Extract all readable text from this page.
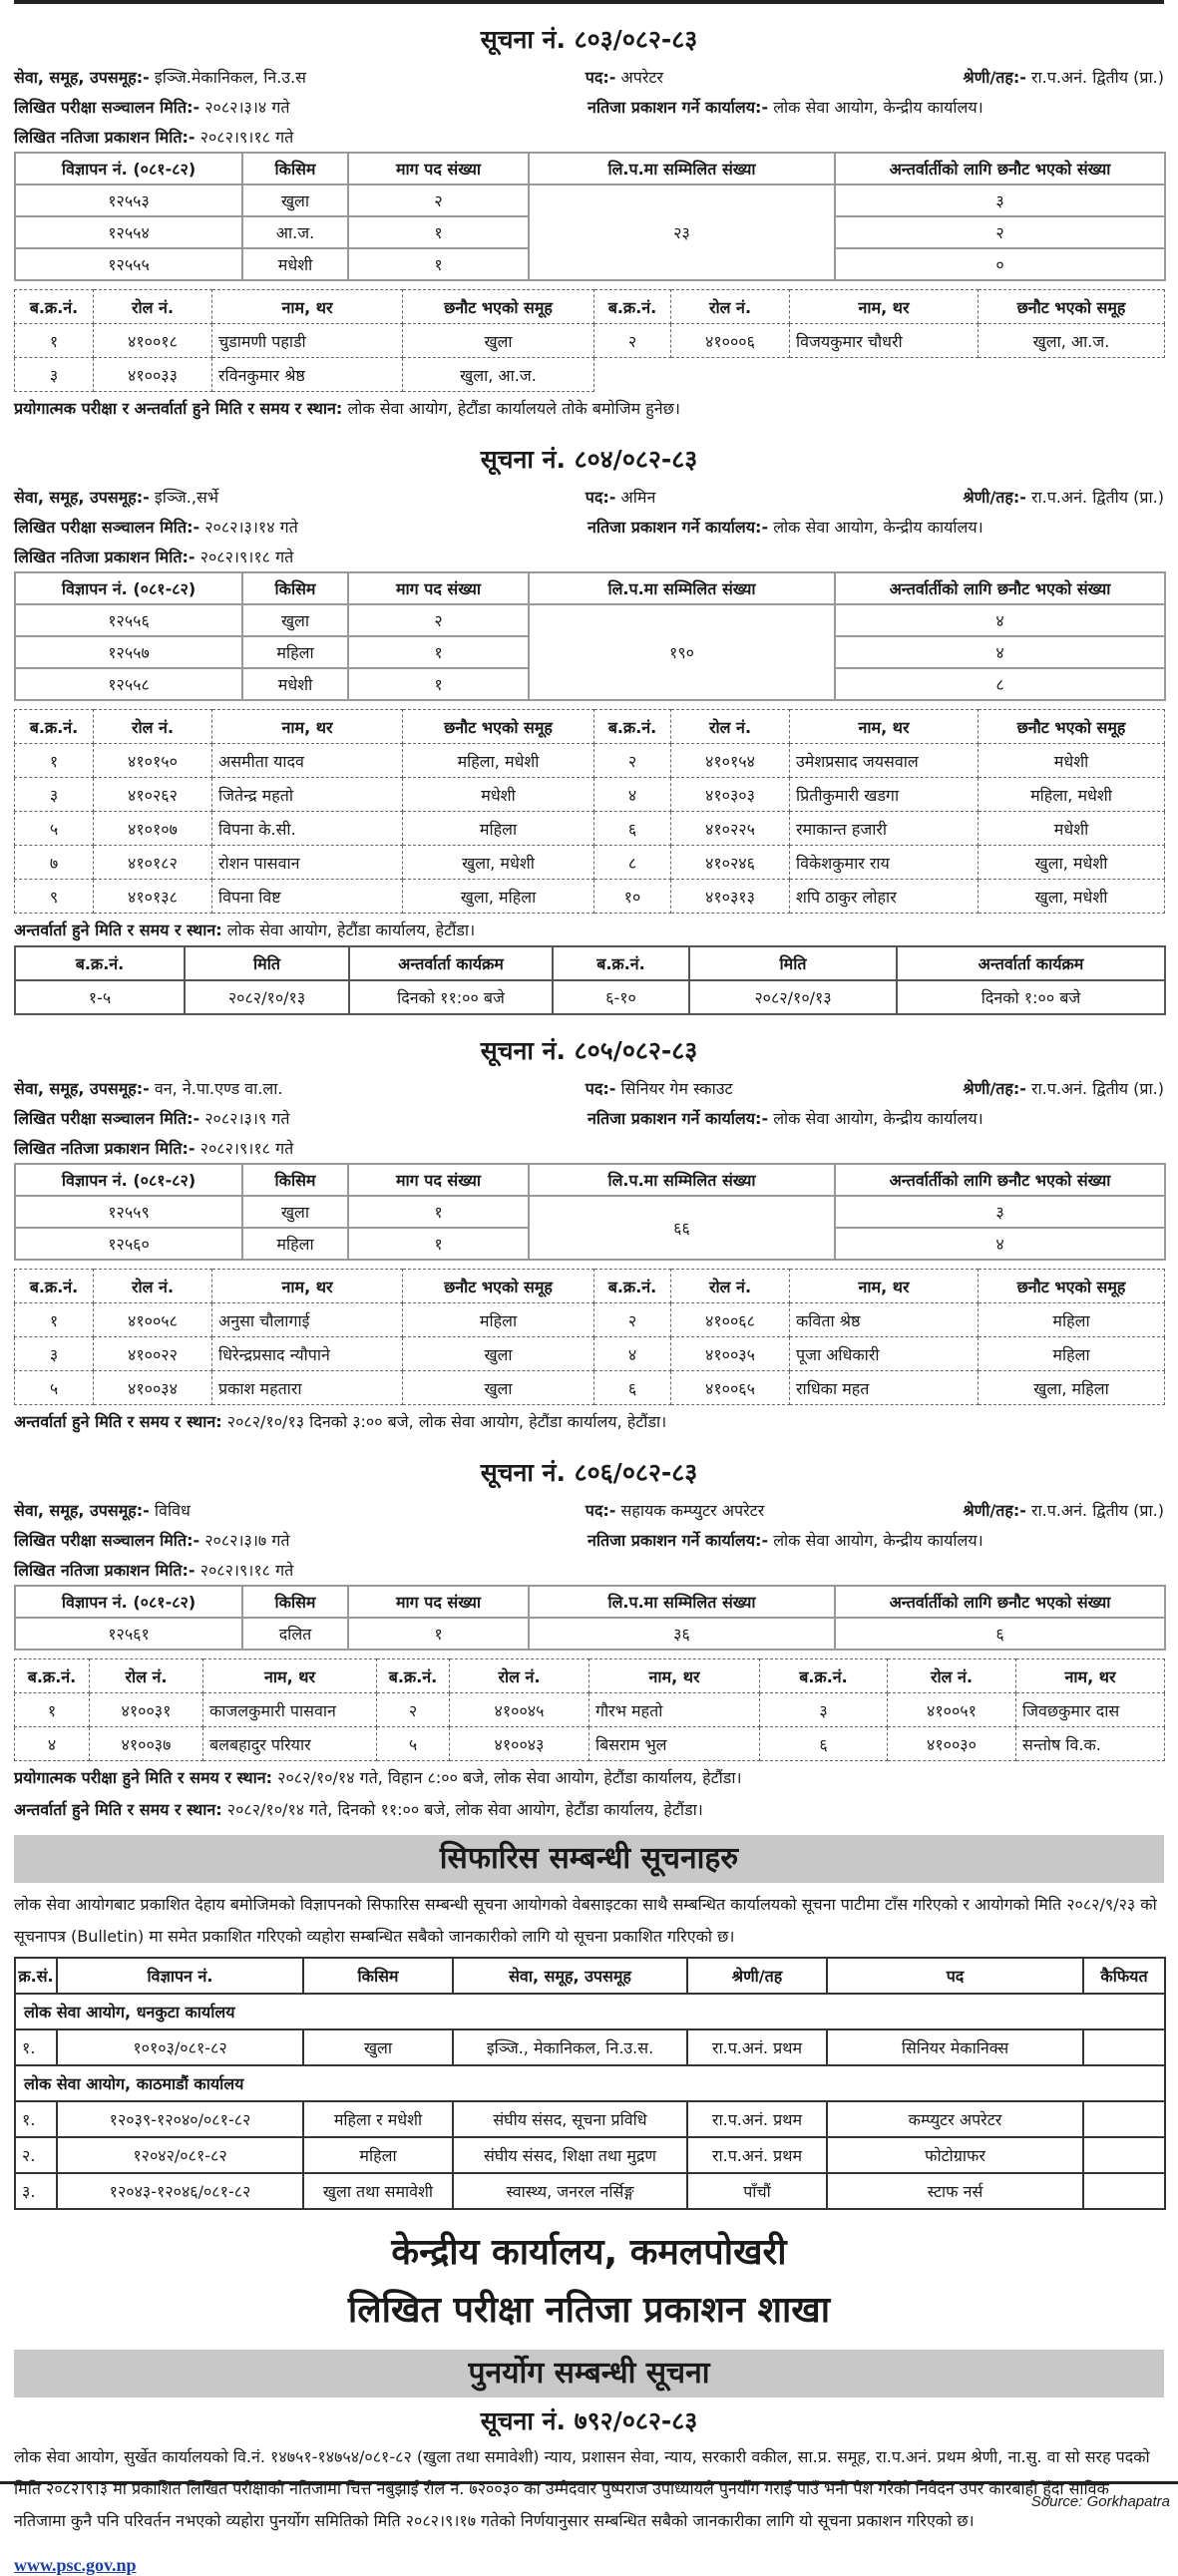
सूचना नं. ८०३/०८२-८३
सेवा, समूह, उपसमूह:- इञ्जि.मेकानिकल, नि.उ.स	पद:- अपरेटर	श्रेणी/तह:- रा.प.अनं. द्वितीय (प्रा.)
लिखित परीक्षा सञ्चालन मिति:- २०८२।३।४ गते	नतिजा प्रकाशन गर्ने कार्यालय:- लोक सेवा आयोग, केन्द्रीय कार्यालय।
लिखित नतिजा प्रकाशन मिति:- २०८२।९।१८ गते
विज्ञापन नं. (०८१-८२)	किसिम	माग पद संख्या	लि.प.मा सम्मिलित संख्या	अन्तर्वार्तीको लागि छनौट भएको संख्या
१२५५३	खुला	२	२३	३
१२५५४	आ.ज.	१		२
१२५५५	मधेशी	१		०
ब.क्र.नं.	रोल नं.	नाम, थर	छनौट भएको समूह	ब.क्र.नं.	रोल नं.	नाम, थर	छनौट भएको समूह
१	४१००१८	चुडामणी पहाडी	खुला	२	४१०००६	विजयकुमार चौधरी	खुला, आ.ज.
३	४१००३३	रविनकुमार श्रेष्ठ	खुला, आ.ज.				
प्रयोगात्मक परीक्षा र अन्तर्वार्ता हुने मिति र समय र स्थान:
लोक सेवा आयोग, हेटौंडा कार्यालयले तोके बमोजिम हुनेछ।
सूचना नं. ८०४/०८२-८३
सेवा, समूह, उपसमूह:- इञ्जि.,सर्भे	पद:- अमिन	श्रेणी/तह:- रा.प.अनं. द्वितीय (प्रा.)
लिखित परीक्षा सञ्चालन मिति:- २०८२।३।१४ गते	नतिजा प्रकाशन गर्ने कार्यालय:- लोक सेवा आयोग, केन्द्रीय कार्यालय।
लिखित नतिजा प्रकाशन मिति:- २०८२।९।१८ गते
विज्ञापन नं. (०८१-८२)	किसिम	माग पद संख्या	लि.प.मा सम्मिलित संख्या	अन्तर्वार्तीको लागि छनौट भएको संख्या
१२५५६	खुला	२	१९०	४
१२५५७	महिला	१		४
१२५५८	मधेशी	१		८
ब.क्र.नं.	रोल नं.	नाम, थर	छनौट भएको समूह	ब.क्र.नं.	रोल नं.	नाम, थर	छनौट भएको समूह
१	४१०१५०	असमीता यादव	महिला, मधेशी	२	४१०१५४	उमेशप्रसाद जयसवाल	मधेशी
३	४१०२६२	जितेन्द्र महतो	मधेशी	४	४१०३०३	प्रितीकुमारी खडगा	महिला, मधेशी
५	४१०१०७	विपना के.सी.	महिला	६	४१०२२५	रमाकान्त हजारी	मधेशी
७	४१०१८२	रोशन पासवान	खुला, मधेशी	८	४१०२४६	विकेशकुमार राय	खुला, मधेशी
९	४१०१३८	विपना विष्ट	खुला, महिला	१०	४१०३१३	शपि ठाकुर लोहार	खुला, मधेशी
अन्तर्वार्ता हुने मिति र समय र स्थान:
लोक सेवा आयोग, हेटौंडा कार्यालय, हेटौंडा।
ब.क्र.नं.	मिति	अन्तर्वार्ता कार्यक्रम	ब.क्र.नं.	मिति	अन्तर्वार्ता कार्यक्रम
१-५	२०८२/१०/१३	दिनको ११:०० बजे	६-१०	२०८२/१०/१३	दिनको १:०० बजे
सूचना नं. ८०५/०८२-८३
सेवा, समूह, उपसमूह:- वन, ने.पा.एण्ड वा.ला.	पद:- सिनियर गेम स्काउट	श्रेणी/तह:- रा.प.अनं. द्वितीय (प्रा.)
लिखित परीक्षा सञ्चालन मिति:- २०८२।३।९ गते	नतिजा प्रकाशन गर्ने कार्यालय:- लोक सेवा आयोग, केन्द्रीय कार्यालय।
लिखित नतिजा प्रकाशन मिति:- २०८२।९।१८ गते
विज्ञापन नं. (०८१-८२)	किसिम	माग पद संख्या	लि.प.मा सम्मिलित संख्या	अन्तर्वार्तीको लागि छनौट भएको संख्या
१२५५९	खुला	१	६६	३
१२५६०	महिला	१		४
ब.क्र.नं.	रोल नं.	नाम, थर	छनौट भएको समूह	ब.क्र.नं.	रोल नं.	नाम, थर	छनौट भएको समूह
१	४१००५८	अनुसा चौलागाई	महिला	२	४१००६८	कविता श्रेष्ठ	महिला
३	४१००२२	धिरेन्द्रप्रसाद न्यौपाने	खुला	४	४१००३५	पूजा अधिकारी	महिला
५	४१००३४	प्रकाश महतारा	खुला	६	४१००६५	राधिका महत	खुला, महिला
अन्तर्वार्ता हुने मिति र समय र स्थान:
२०८२/१०/१३ दिनको ३:०० बजे, लोक सेवा आयोग, हेटौंडा कार्यालय, हेटौंडा।
सूचना नं. ८०६/०८२-८३
सेवा, समूह, उपसमूह:- विविध	पद:- सहायक कम्प्युटर अपरेटर	श्रेणी/तह:- रा.प.अनं. द्वितीय (प्रा.)
लिखित परीक्षा सञ्चालन मिति:- २०८२।३।७ गते	नतिजा प्रकाशन गर्ने कार्यालय:- लोक सेवा आयोग, केन्द्रीय कार्यालय।
लिखित नतिजा प्रकाशन मिति:- २०८२।९।१८ गते
विज्ञापन नं. (०८१-८२)	किसिम	माग पद संख्या	लि.प.मा सम्मिलित संख्या	अन्तर्वार्तीको लागि छनौट भएको संख्या
१२५६१	दलित	१	३६	६
ब.क्र.नं.	रोल नं.	नाम, थर	ब.क्र.नं.	रोल नं.	नाम, थर	ब.क्र.नं.	रोल नं.	नाम, थर
१	४१००३१	काजलकुमारी पासवान	२	४१००४५	गौरभ महतो	३	४१००५१	जिवछकुमार दास
४	४१००३७	बलबहादुर परियार	५	४१००४३	बिसराम भुल	६	४१००३०	सन्तोष वि.क.
प्रयोगात्मक परीक्षा हुने मिति र समय र स्थान:
२०८२/१०/१४ गते, विहान ८:०० बजे, लोक सेवा आयोग, हेटौंडा कार्यालय, हेटौंडा।
अन्तर्वार्ता हुने मिति र समय र स्थान:
२०८२/१०/१४ गते, दिनको ११:०० बजे, लोक सेवा आयोग, हेटौंडा कार्यालय, हेटौंडा।
सिफारिस सम्बन्धी सूचनाहरु

लोक सेवा आयोगबाट प्रकाशित देहाय बमोजिमको विज्ञापनको सिफारिस सम्बन्धी सूचना आयोगको वेबसाइटका साथै सम्बन्धित कार्यालयको सूचना पाटीमा टाँस गरिएको र आयोगको मिति २०८२/९/२३ को सूचनापत्र (Bulletin) मा समेत प्रकाशित गरिएको व्यहोरा सम्बन्धित सबैको जानकारीको लागि यो सूचना प्रकाशित गरिएको छ।

क्र.सं.	विज्ञापन नं.	किसिम	सेवा, समूह, उपसमूह	श्रेणी/तह	पद	कैफियत
लोक सेवा आयोग, धनकुटा कार्यालय						
१.	१०१०३/०८१-८२	खुला	इञ्जि., मेकानिकल, नि.उ.स.	रा.प.अनं. प्रथम	सिनियर मेकानिक्स	
लोक सेवा आयोग, काठमाडौं कार्यालय						
१.	१२०३९-१२०४०/०८१-८२	महिला र मधेशी	संघीय संसद, सूचना प्रविधि	रा.प.अनं. प्रथम	कम्प्युटर अपरेटर	
२.	१२०४२/०८१-८२	महिला	संघीय संसद, शिक्षा तथा मुद्रण	रा.प.अनं. प्रथम	फोटोग्राफर	
३.	१२०४३-१२०४६/०८१-८२	खुला तथा समावेशी	स्वास्थ्य, जनरल नर्सिङ्ग	पाँचौं	स्टाफ नर्स	
केन्द्रीय कार्यालय, कमलपोखरी
लिखित परीक्षा नतिजा प्रकाशन शाखा
पुनर्योग सम्बन्धी सूचना
सूचना नं. ७९२/०८२-८३

लोक सेवा आयोग, सुर्खेत कार्यालयको वि.नं. १४७५१-१४७५४/०८१-८२ (खुला तथा समावेशी) न्याय, प्रशासन सेवा, न्याय, सरकारी वकील, सा.प्र. समूह, रा.प.अनं. प्रथम श्रेणी, ना.सु. वा सो सरह पदको मिति २०८२।९।३ मा प्रकाशित लिखित परीक्षाको नतिजामा चित्त नबुझाई रोल नं. ७२००३० का उम्मेदवार पुष्पराज उपाध्यायले पुनर्योग गराई पाउँ भनी पेश गरेको निवेदन उपर कारबाही हुँदा साविक नतिजामा कुनै पनि परिवर्तन नभएको व्यहोरा पुनर्योग समितिको मिति २०८२।९।१७ गतेको निर्णयानुसार सम्बन्धित सबैको जानकारीका लागि यो सूचना प्रकाशन गरिएको छ।

www.psc.gov.np
Source: Gorkhapatra
